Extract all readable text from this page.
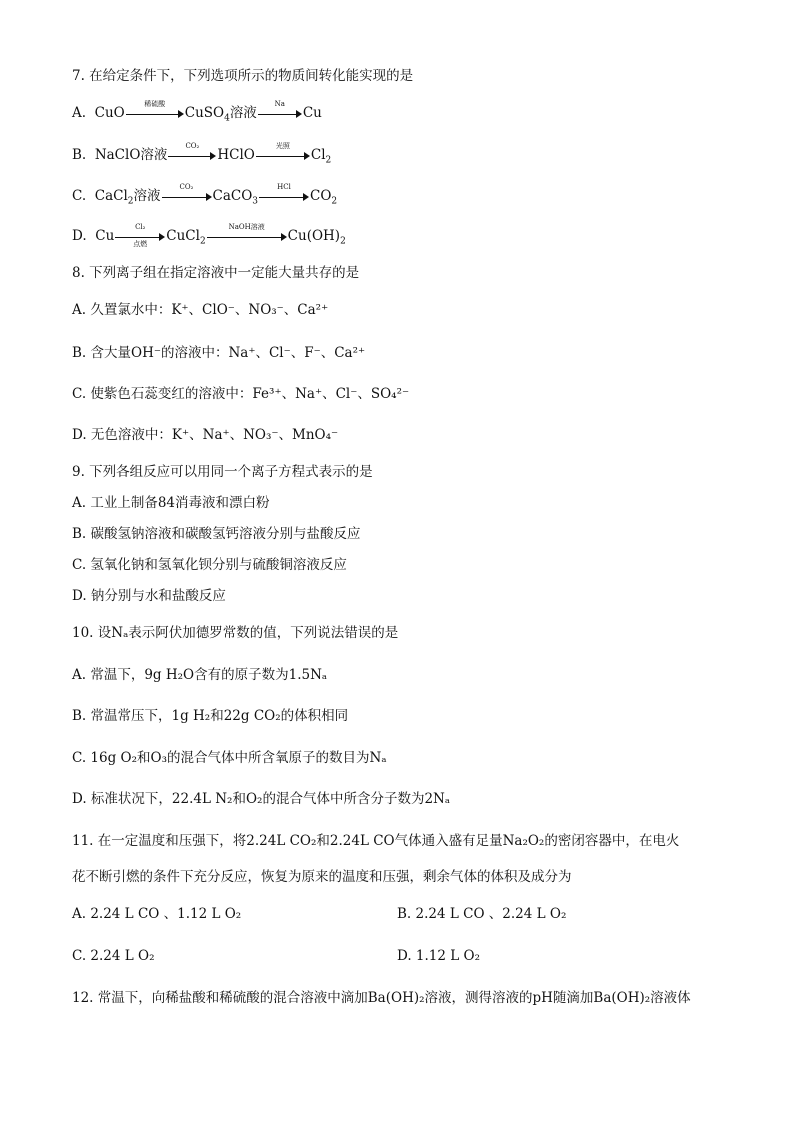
7. 在给定条件下，下列选项所示的物质间转化能实现的是
A. CuO
稀硫酸
CuSO$_4$溶液
Na
Cu
B. NaClO溶液
CO₂
HClO
光照
$Cl_2$
C. CaCl$_2$溶液
CO₂
CaCO$_3$
HCl
$CO_2$
D. Cu
Cl₂
点燃	CuCl$_2$
NaOH溶液
$Cu(OH)_2$
8. 下列离子组在指定溶液中一定能大量共存的是
A. 久置氯水中：K⁺、ClO⁻、NO₃⁻、Ca²⁺
B. 含大量OH⁻的溶液中：Na⁺、Cl⁻、F⁻、Ca²⁺
C. 使紫色石蕊变红的溶液中：Fe³⁺、Na⁺、Cl⁻、SO₄²⁻
D. 无色溶液中：K⁺、Na⁺、NO₃⁻、MnO₄⁻
9. 下列各组反应可以用同一个离子方程式表示的是
A. 工业上制备84消毒液和漂白粉
B. 碳酸氢钠溶液和碳酸氢钙溶液分别与盐酸反应
C. 氢氧化钠和氢氧化钡分别与硫酸铜溶液反应
D. 钠分别与水和盐酸反应
10. 设Nₐ表示阿伏加德罗常数的值，下列说法错误的是
A. 常温下，9g H₂O含有的原子数为1.5Nₐ
B. 常温常压下，1g H₂和22g CO₂的体积相同
C. 16g O₂和O₃的混合气体中所含氧原子的数目为Nₐ
D. 标准状况下，22.4L N₂和O₂的混合气体中所含分子数为2Nₐ
11. 在一定温度和压强下，将2.24L CO₂和2.24L CO气体通入盛有足量Na₂O₂的密闭容器中，在电火
花不断引燃的条件下充分反应，恢复为原来的温度和压强，剩余气体的体积及成分为
A. 2.24 L CO 、1.12 L O₂	B. 2.24 L CO 、2.24 L O₂
C. 2.24 L O₂	D. 1.12 L O₂
12. 常温下，向稀盐酸和稀硫酸的混合溶液中滴加Ba(OH)₂溶液，测得溶液的pH随滴加Ba(OH)₂溶液体
